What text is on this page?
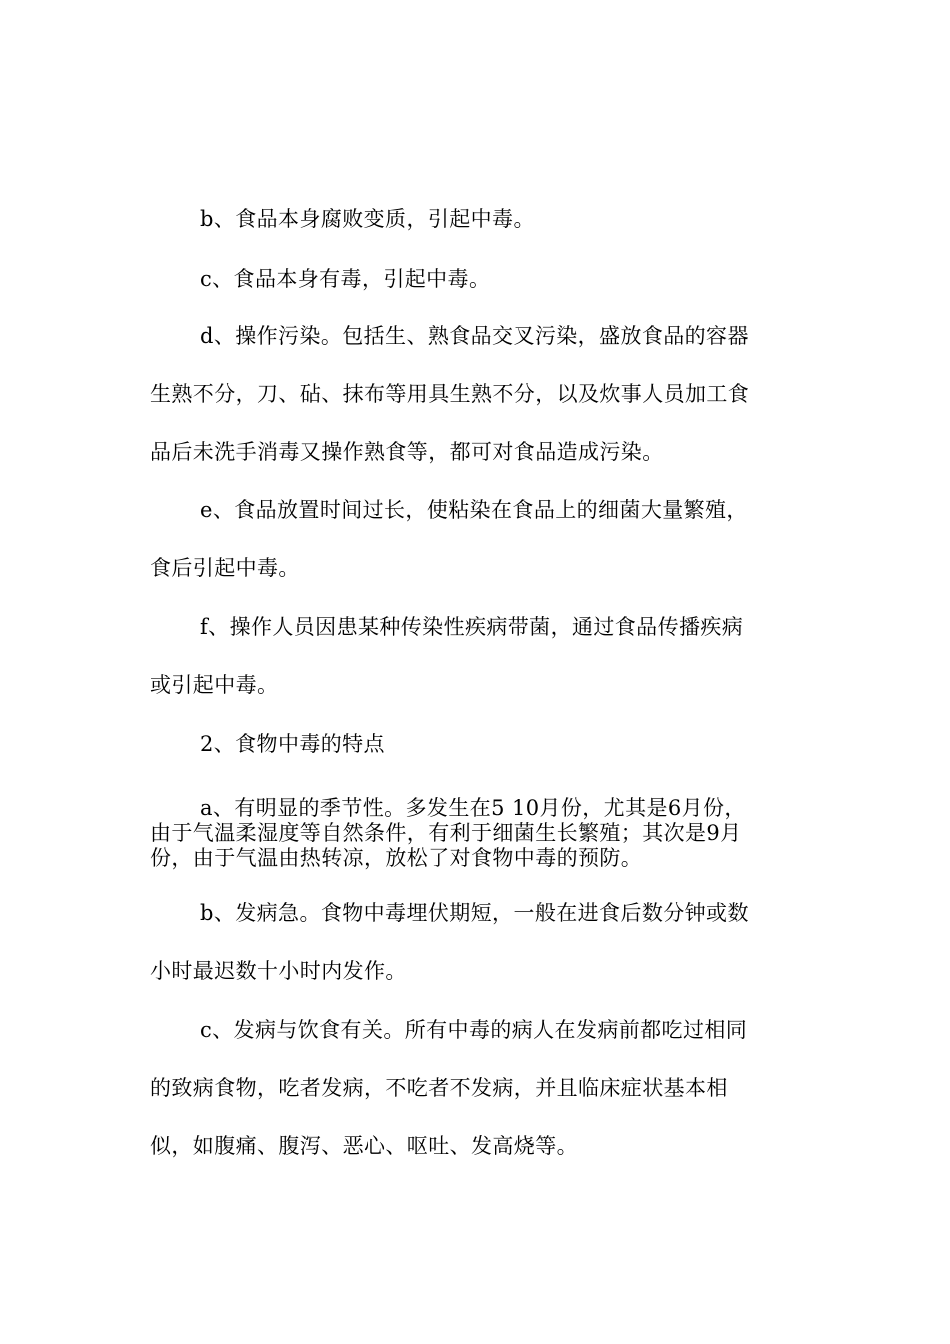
b、食品本身腐败变质，引起中毒。
c、食品本身有毒，引起中毒。
d、操作污染。包括生、熟食品交叉污染，盛放食品的容器
生熟不分，刀、砧、抹布等用具生熟不分，以及炊事人员加工食
品后未洗手消毒又操作熟食等，都可对食品造成污染。
e、食品放置时间过长，使粘染在食品上的细菌大量繁殖，
食后引起中毒。
f、操作人员因患某种传染性疾病带菌，通过食品传播疾病
或引起中毒。
2、食物中毒的特点
a、有明显的季节性。多发生在5 10月份，尤其是6月份，
由于气温柔湿度等自然条件，有利于细菌生长繁殖；其次是9月
份，由于气温由热转凉，放松了对食物中毒的预防。
b、发病急。食物中毒埋伏期短，一般在进食后数分钟或数
小时最迟数十小时内发作。
c、发病与饮食有关。所有中毒的病人在发病前都吃过相同
的致病食物，吃者发病，不吃者不发病，并且临床症状基本相
似，如腹痛、腹泻、恶心、呕吐、发高烧等。
